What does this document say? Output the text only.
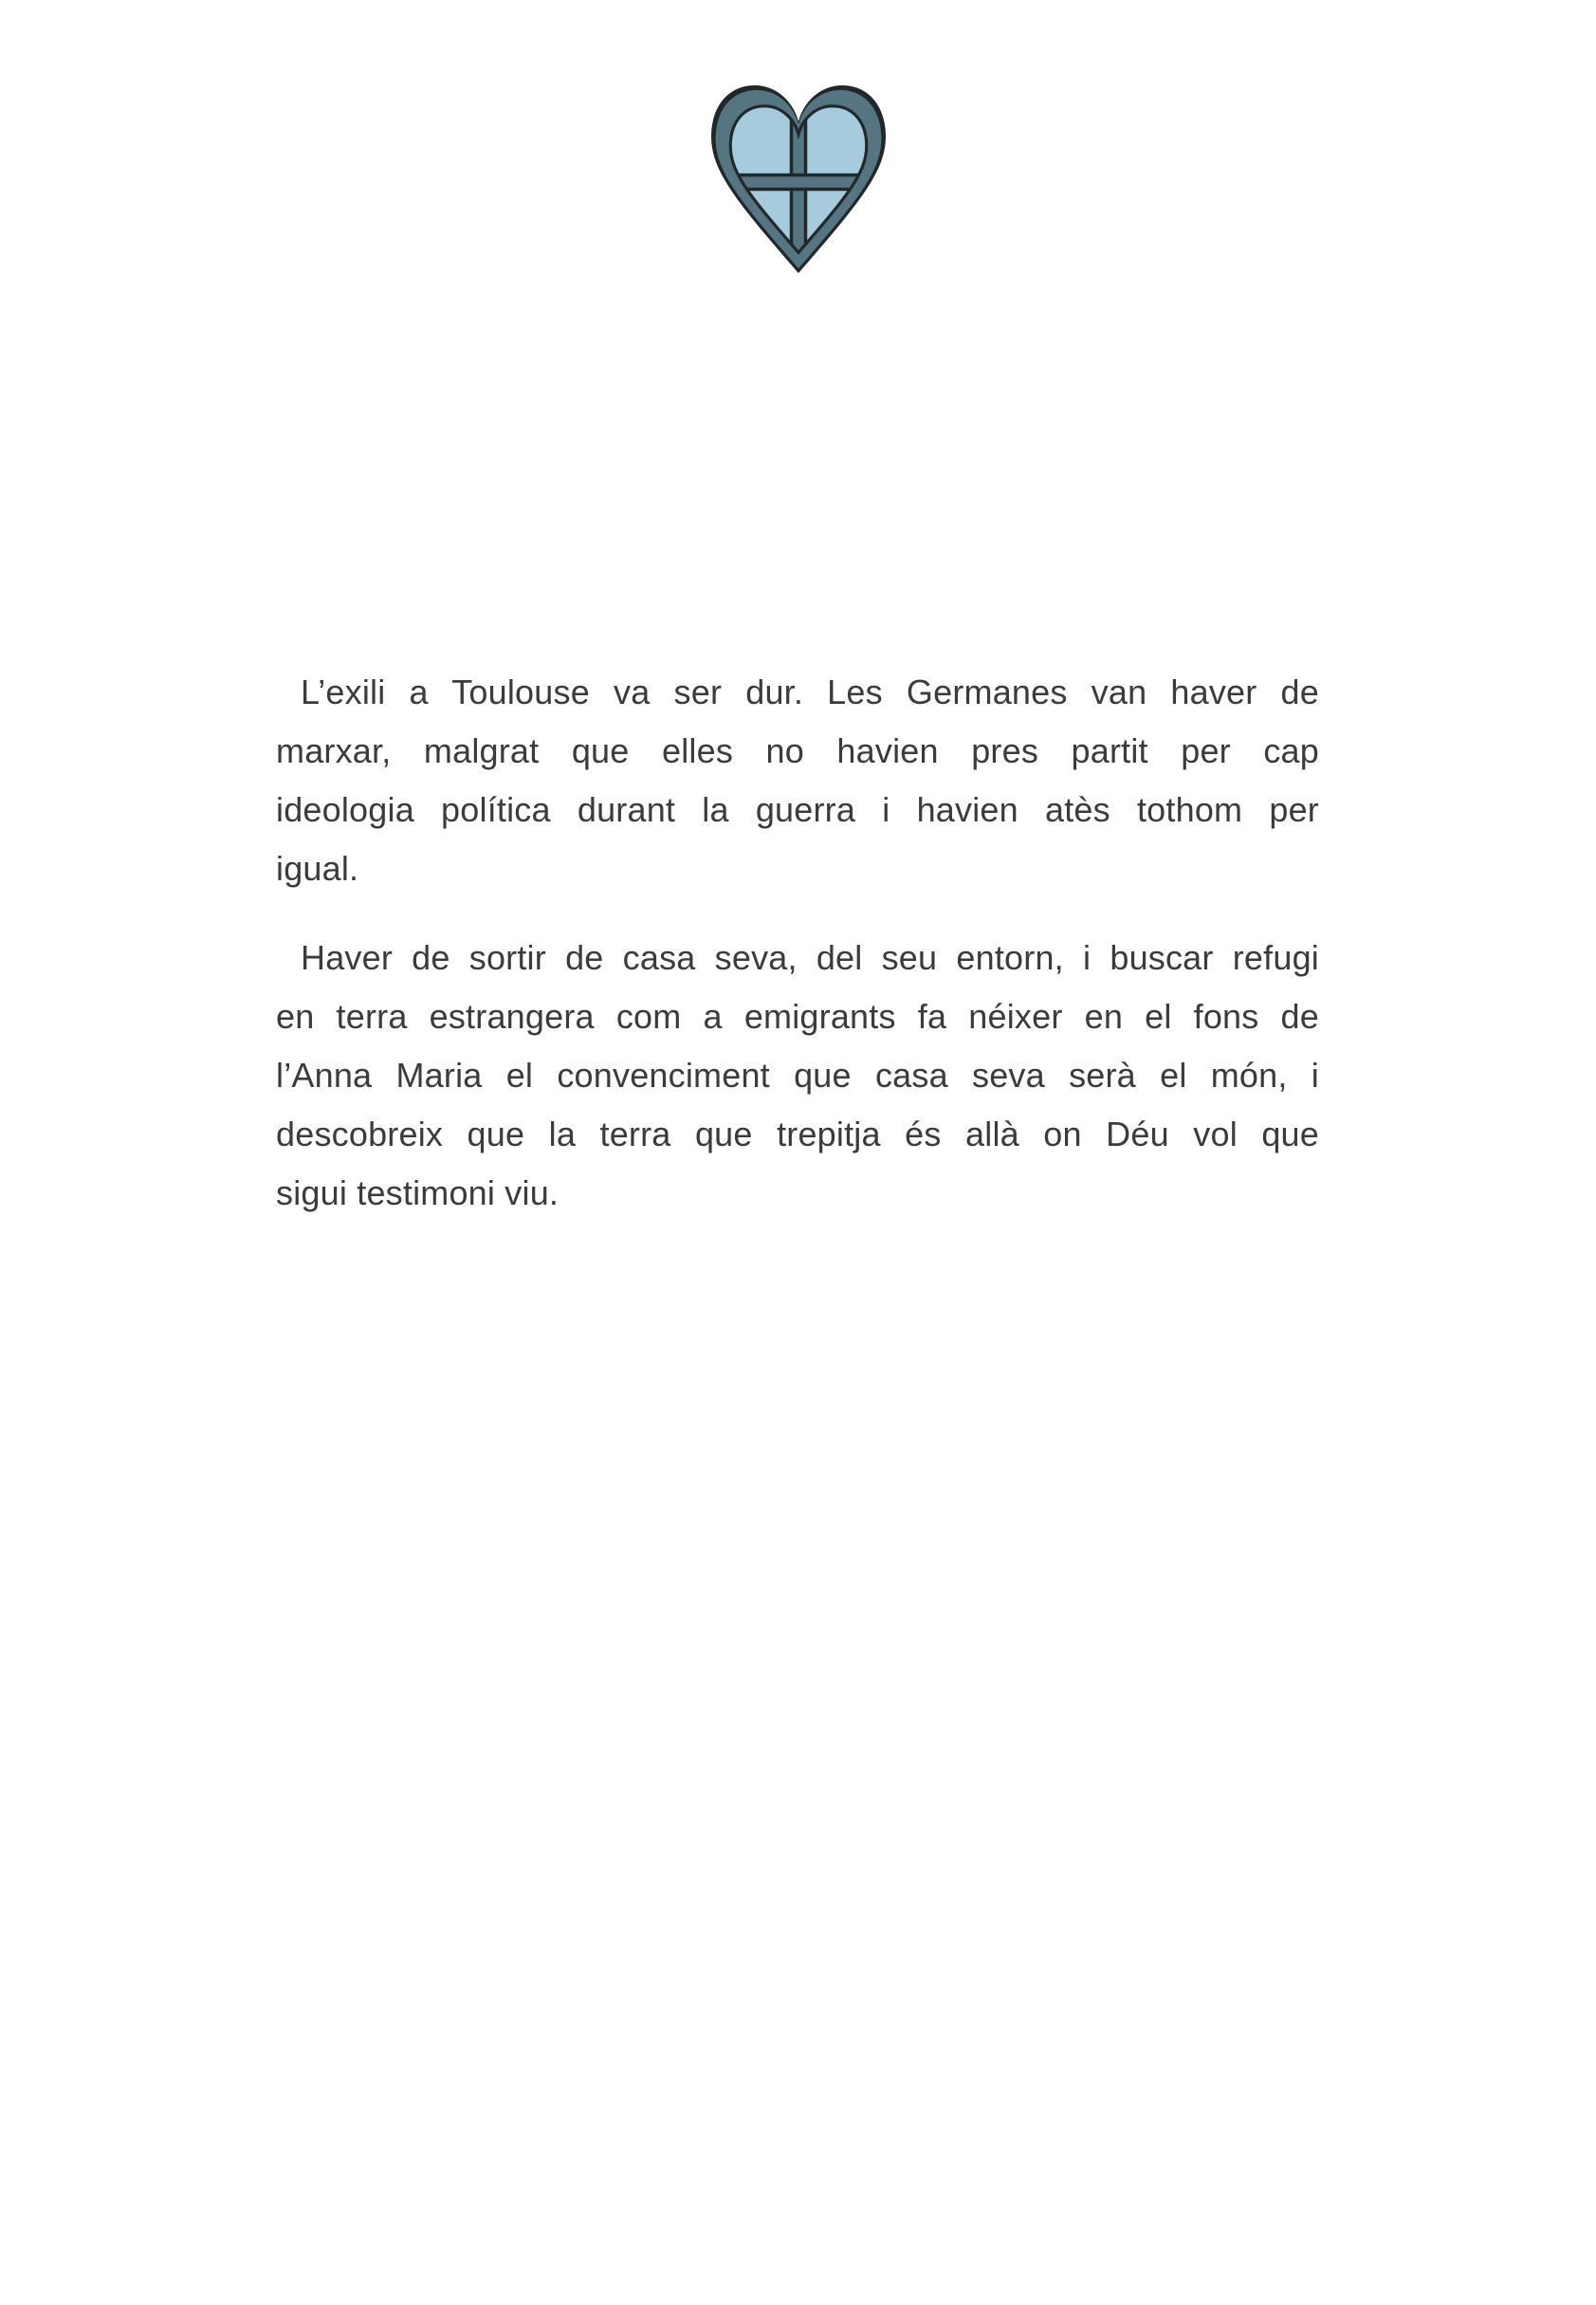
L’exili a Toulouse va ser dur. Les Germanes van haver de
marxar, malgrat que elles no havien pres partit per cap
ideologia política durant la guerra i havien atès tothom per
igual.
Haver de sortir de casa seva, del seu entorn, i buscar refugi
en terra estrangera com a emigrants fa néixer en el fons de
l’Anna Maria el convenciment que casa seva serà el món, i
descobreix que la terra que trepitja és allà on Déu vol que
sigui testimoni viu.
